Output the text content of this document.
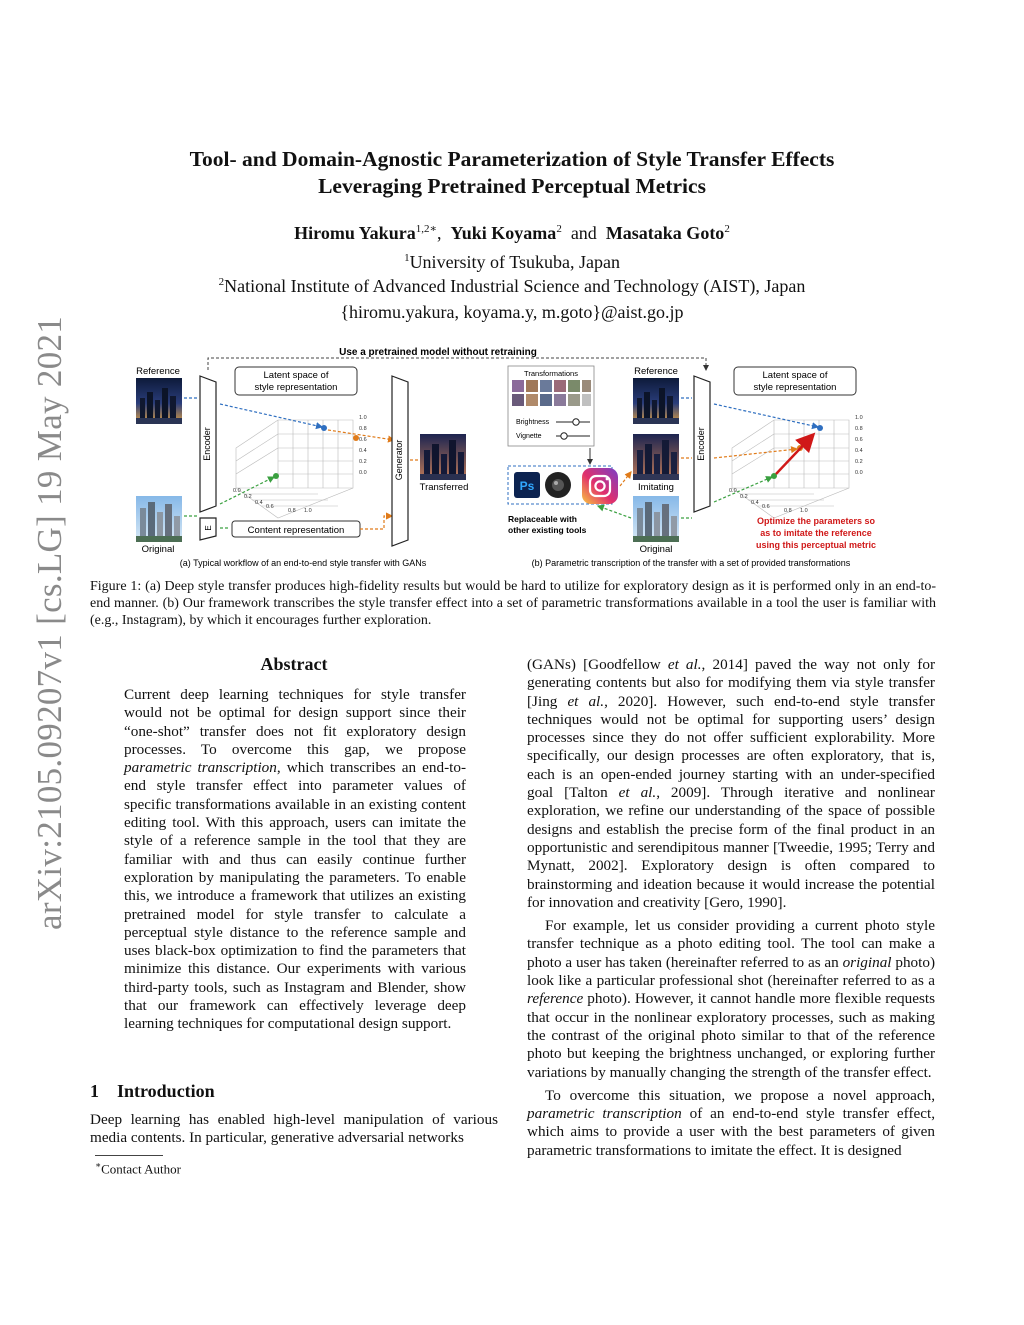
arXiv:2105.09207v1 [cs.LG] 19 May 2021
Tool- and Domain-Agnostic Parameterization of Style Transfer Effects
Leveraging Pretrained Perceptual Metrics
Hiromu Yakura$^{1,2∗}$, Yuki Koyama$^2$ and Masataka Goto$^2$
$^1$University of Tsukuba, Japan
$^2$National Institute of Advanced Industrial Science and Technology (AIST), Japan
{hiromu.yakura, koyama.y, m.goto}@aist.go.jp
Use a pretrained model without retraining
Reference
Original
Encoder
E
Latent space of
style representation
1.0
0.8
0.6
0.4
0.2
0.0
0.0
0.2
0.4
0.6
0.8 1.0
Content representation
Generator
Transferred
(a) Typical workflow of an end-to-end style transfer with GANs
Transformations
Brightness
Vignette
Ps
Replaceable with
other existing tools
Reference
Imitating
Original
Encoder
Latent space of
style representation
1.0
0.8
0.6
0.4
0.2
0.0
0.0
0.2
0.4
0.6
0.8 1.0
Optimize the parameters so
as to imitate the reference
using this perceptual metric
(b) Parametric transcription of the transfer with a set of provided transformations
Figure 1: (a) Deep style transfer produces high-fidelity results but would be hard to utilize for exploratory design as it is performed only in an end-to-end manner. (b) Our framework transcribes the style transfer effect into a set of parametric transformations available in a tool the user is familiar with (e.g., Instagram), by which it encourages further exploration.
Abstract
Current deep learning techniques for style transfer would not be optimal for design support since their “one-shot” transfer does not fit exploratory design processes. To overcome this gap, we propose parametric transcription, which transcribes an end-to-end style transfer effect into parameter values of specific transformations available in an existing content editing tool. With this approach, users can imitate the style of a reference sample in the tool that they are familiar with and thus can easily continue further exploration by manipulating the parameters. To enable this, we introduce a framework that utilizes an existing pretrained model for style transfer to calculate a perceptual style distance to the reference sample and uses black-box optimization to find the parameters that minimize this distance. Our experiments with various third-party tools, such as Instagram and Blender, show that our framework can effectively leverage deep learning techniques for computational design support.
1    Introduction
Deep learning has enabled high-level manipulation of various media contents. In particular, generative adversarial networks
∗Contact Author

(GANs) [Goodfellow et al., 2014] paved the way not only for generating contents but also for modifying them via style transfer [Jing et al., 2020]. However, such end-to-end style transfer techniques would not be optimal for supporting users’ design processes since they do not offer sufficient explorability. More specifically, our design processes are often exploratory, that is, each is an open-ended journey starting with an under-specified goal [Talton et al., 2009]. Through iterative and nonlinear exploration, we refine our understanding of the space of possible designs and establish the precise form of the final product in an opportunistic and serendipitous manner [Tweedie, 1995; Terry and Mynatt, 2002]. Exploratory design is often compared to brainstorming and ideation because it would increase the potential for innovation and creativity [Gero, 1990].

For example, let us consider providing a current photo style transfer technique as a photo editing tool. The tool can make a photo a user has taken (hereinafter referred to as an original photo) look like a particular professional shot (hereinafter referred to as a reference photo). However, it cannot handle more flexible requests that occur in the nonlinear exploratory processes, such as making the contrast of the original photo similar to that of the reference photo but keeping the brightness unchanged, or exploring further variations by manually changing the strength of the transfer effect.

To overcome this situation, we propose a novel approach, parametric transcription of an end-to-end style transfer effect, which aims to provide a user with the best parameters of given parametric transformations to imitate the effect. It is designed
